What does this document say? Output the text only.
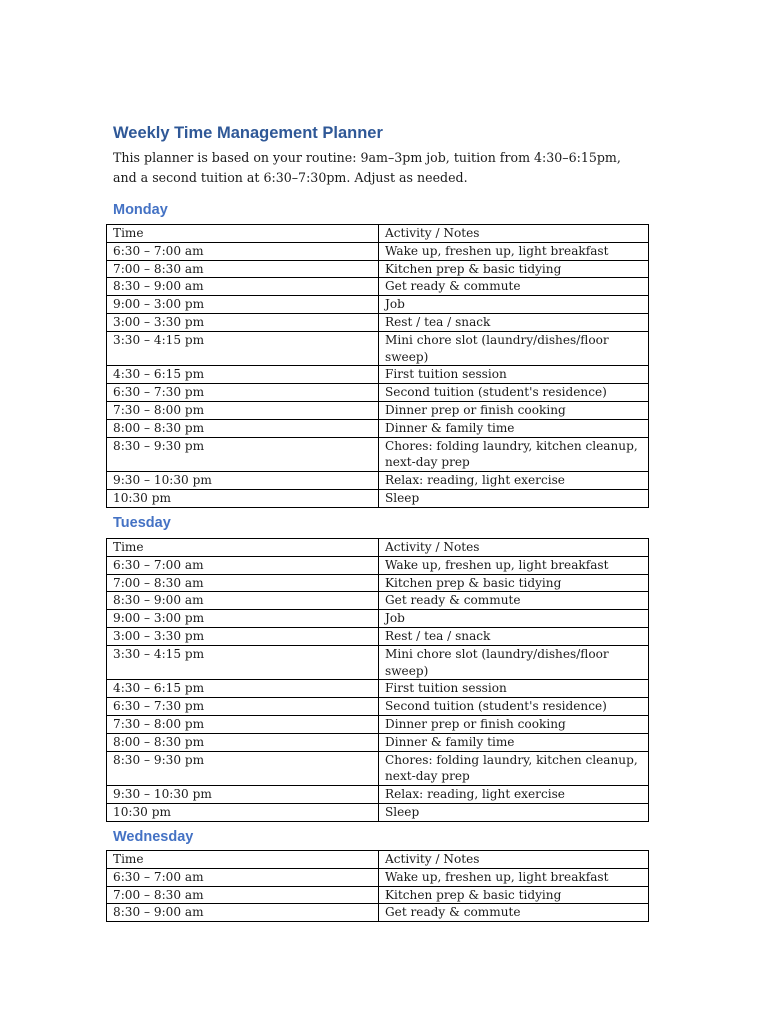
Weekly Time Management Planner

This planner is based on your routine: 9am–3pm job, tuition from 4:30–6:15pm, and a second tuition at 6:30–7:30pm. Adjust as needed.

Monday
Time	Activity / Notes
6:30 – 7:00 am	Wake up, freshen up, light breakfast
7:00 – 8:30 am	Kitchen prep & basic tidying
8:30 – 9:00 am	Get ready & commute
9:00 – 3:00 pm	Job
3:00 – 3:30 pm	Rest / tea / snack
3:30 – 4:15 pm	Mini chore slot (laundry/dishes/floor sweep)
4:30 – 6:15 pm	First tuition session
6:30 – 7:30 pm	Second tuition (student's residence)
7:30 – 8:00 pm	Dinner prep or finish cooking
8:00 – 8:30 pm	Dinner & family time
8:30 – 9:30 pm	Chores: folding laundry, kitchen cleanup, next-day prep
9:30 – 10:30 pm	Relax: reading, light exercise
10:30 pm	Sleep
Tuesday
Time	Activity / Notes
6:30 – 7:00 am	Wake up, freshen up, light breakfast
7:00 – 8:30 am	Kitchen prep & basic tidying
8:30 – 9:00 am	Get ready & commute
9:00 – 3:00 pm	Job
3:00 – 3:30 pm	Rest / tea / snack
3:30 – 4:15 pm	Mini chore slot (laundry/dishes/floor sweep)
4:30 – 6:15 pm	First tuition session
6:30 – 7:30 pm	Second tuition (student's residence)
7:30 – 8:00 pm	Dinner prep or finish cooking
8:00 – 8:30 pm	Dinner & family time
8:30 – 9:30 pm	Chores: folding laundry, kitchen cleanup, next-day prep
9:30 – 10:30 pm	Relax: reading, light exercise
10:30 pm	Sleep
Wednesday
Time	Activity / Notes
6:30 – 7:00 am	Wake up, freshen up, light breakfast
7:00 – 8:30 am	Kitchen prep & basic tidying
8:30 – 9:00 am	Get ready & commute
